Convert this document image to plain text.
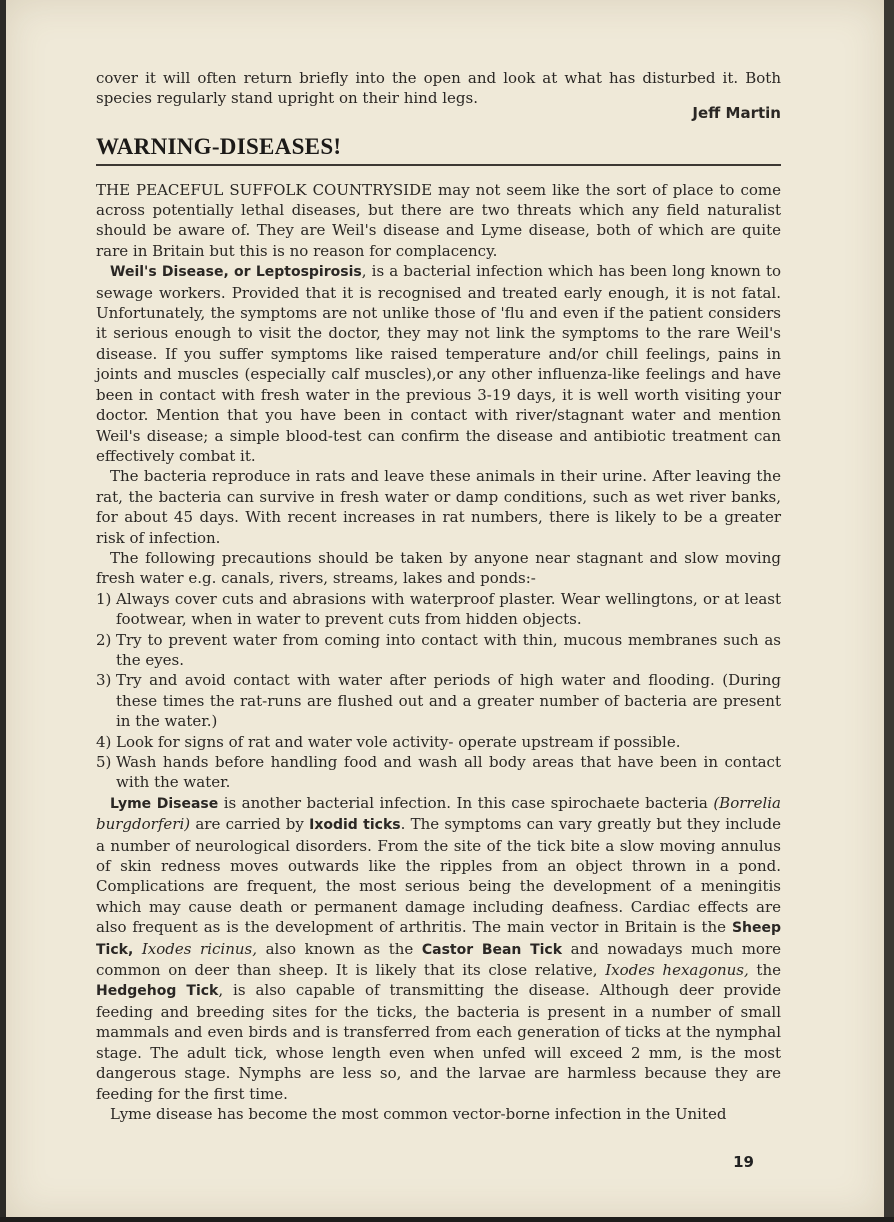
cover it will often return briefly into the open and look at what has disturbed it. Both species regularly stand upright on their hind legs.

Jeff Martin
WARNING-DISEASES!

THE PEACEFUL SUFFOLK COUNTRYSIDE may not seem like the sort of place to come across potentially lethal diseases, but there are two threats which any field naturalist should be aware of. They are Weil's disease and Lyme disease, both of which are quite rare in Britain but this is no reason for complacency.

Weil's Disease, or Leptospirosis, is a bacterial infection which has been long known to sewage workers. Provided that it is recognised and treated early enough, it is not fatal. Unfortunately, the symptoms are not unlike those of 'flu and even if the patient considers it serious enough to visit the doctor, they may not link the symptoms to the rare Weil's disease. If you suffer symptoms like raised temperature and/or chill feelings, pains in joints and muscles (especially calf muscles),or any other influenza-like feelings and have been in contact with fresh water in the previous 3-19 days, it is well worth visiting your doctor. Mention that you have been in contact with river/stagnant water and mention Weil's disease; a simple blood-test can confirm the disease and antibiotic treatment can effectively combat it.

The bacteria reproduce in rats and leave these animals in their urine. After leaving the rat, the bacteria can survive in fresh water or damp conditions, such as wet river banks, for about 45 days. With recent increases in rat numbers, there is likely to be a greater risk of infection.

The following precautions should be taken by anyone near stagnant and slow moving fresh water e.g. canals, rivers, streams, lakes and ponds:-

1) Always cover cuts and abrasions with waterproof plaster. Wear wellingtons, or at least footwear, when in water to prevent cuts from hidden objects.
2) Try to prevent water from coming into contact with thin, mucous membranes such as the eyes.
3) Try and avoid contact with water after periods of high water and flooding. (During these times the rat-runs are flushed out and a greater number of bacteria are present in the water.)
4) Look for signs of rat and water vole activity- operate upstream if possible.
5) Wash hands before handling food and wash all body areas that have been in contact with the water.

Lyme Disease is another bacterial infection. In this case spirochaete bacteria (Borrelia burgdorferi) are carried by Ixodid ticks. The symptoms can vary greatly but they include a number of neurological disorders. From the site of the tick bite a slow moving annulus of skin redness moves outwards like the ripples from an object thrown in a pond. Complications are frequent, the most serious being the development of a meningitis which may cause death or permanent damage including deafness. Cardiac effects are also frequent as is the development of arthritis. The main vector in Britain is the Sheep Tick, Ixodes ricinus, also known as the Castor Bean Tick and nowadays much more common on deer than sheep. It is likely that its close relative, Ixodes hexagonus, the Hedgehog Tick, is also capable of transmitting the disease. Although deer provide feeding and breeding sites for the ticks, the bacteria is present in a number of small mammals and even birds and is transferred from each generation of ticks at the nymphal stage. The adult tick, whose length even when unfed will exceed 2 mm, is the most dangerous stage. Nymphs are less so, and the larvae are harmless because they are feeding for the first time.

Lyme disease has become the most common vector-borne infection in the United

19
